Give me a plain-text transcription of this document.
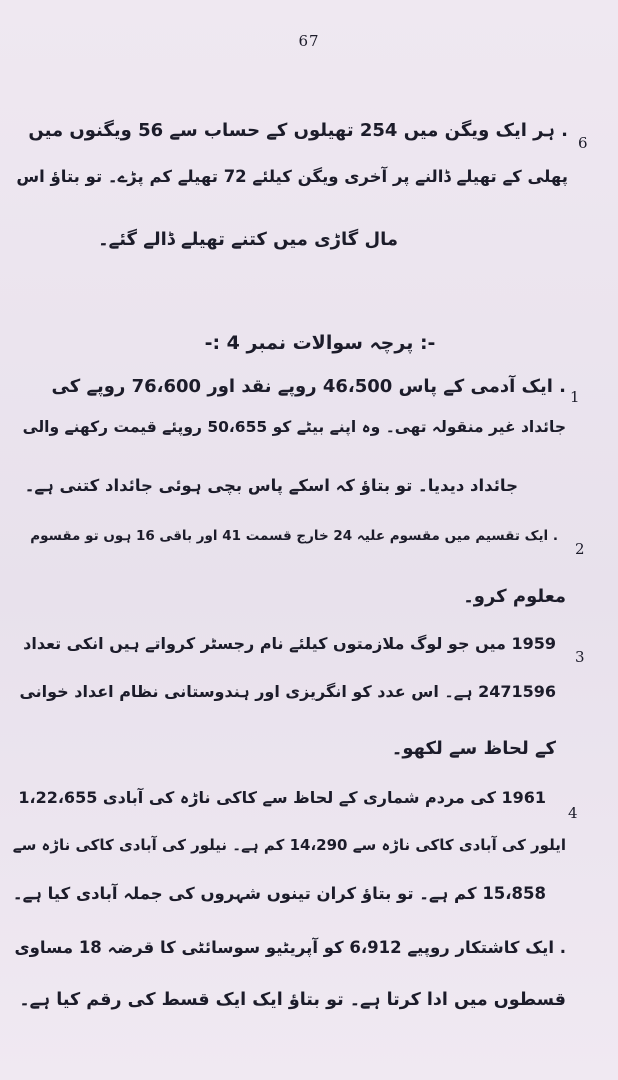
67
6
. ہر ایک ویگن میں 254 تھیلوں کے حساب سے 56 ویگنوں میں
پھلی کے تھیلے ڈالنے پر آخری ویگن کیلئے 72 تھیلے کم پڑے۔ تو بتاؤ اس
مال گاڑی میں کتنے تھیلے ڈالے گئے۔
-: پرچہ سوالات نمبر 4 :-
1
. ایک آدمی کے پاس 46،500 روپے نقد اور 76،600 روپے کی
جائداد غیر منقولہ تھی۔ وہ اپنے بیٹے کو 50،655 روپئے قیمت رکھنے والی
جائداد دیدیا۔ تو بتاؤ کہ اسکے پاس بچی ہوئی جائداد کتنی ہے۔
2
. ایک تقسیم میں مقسوم علیہ 24 خارج قسمت 41 اور باقی 16 ہوں تو مقسوم
معلوم کرو۔
3
1959 میں جو لوگ ملازمتوں کیلئے نام رجسٹر کرواتے ہیں انکی تعداد
2471596 ہے۔ اس عدد کو انگریزی اور ہندوستانی نظام اعداد خوانی
کے لحاظ سے لکھو۔
4
1961 کی مردم شماری کے لحاظ سے کاکی ناڑہ کی آبادی 1،22،655
ایلور کی آبادی کاکی ناڑہ سے 14،290 کم ہے۔ نیلور کی آبادی کاکی ناڑہ سے
15،858 کم ہے۔ تو بتاؤ کران تینوں شہروں کی جملہ آبادی کیا ہے۔
. ایک کاشتکار روپیے 6،912 کو آپریٹیو سوسائٹی کا قرضہ 18 مساوی
قسطوں میں ادا کرتا ہے۔ تو بتاؤ ایک ایک قسط کی رقم کیا ہے۔
